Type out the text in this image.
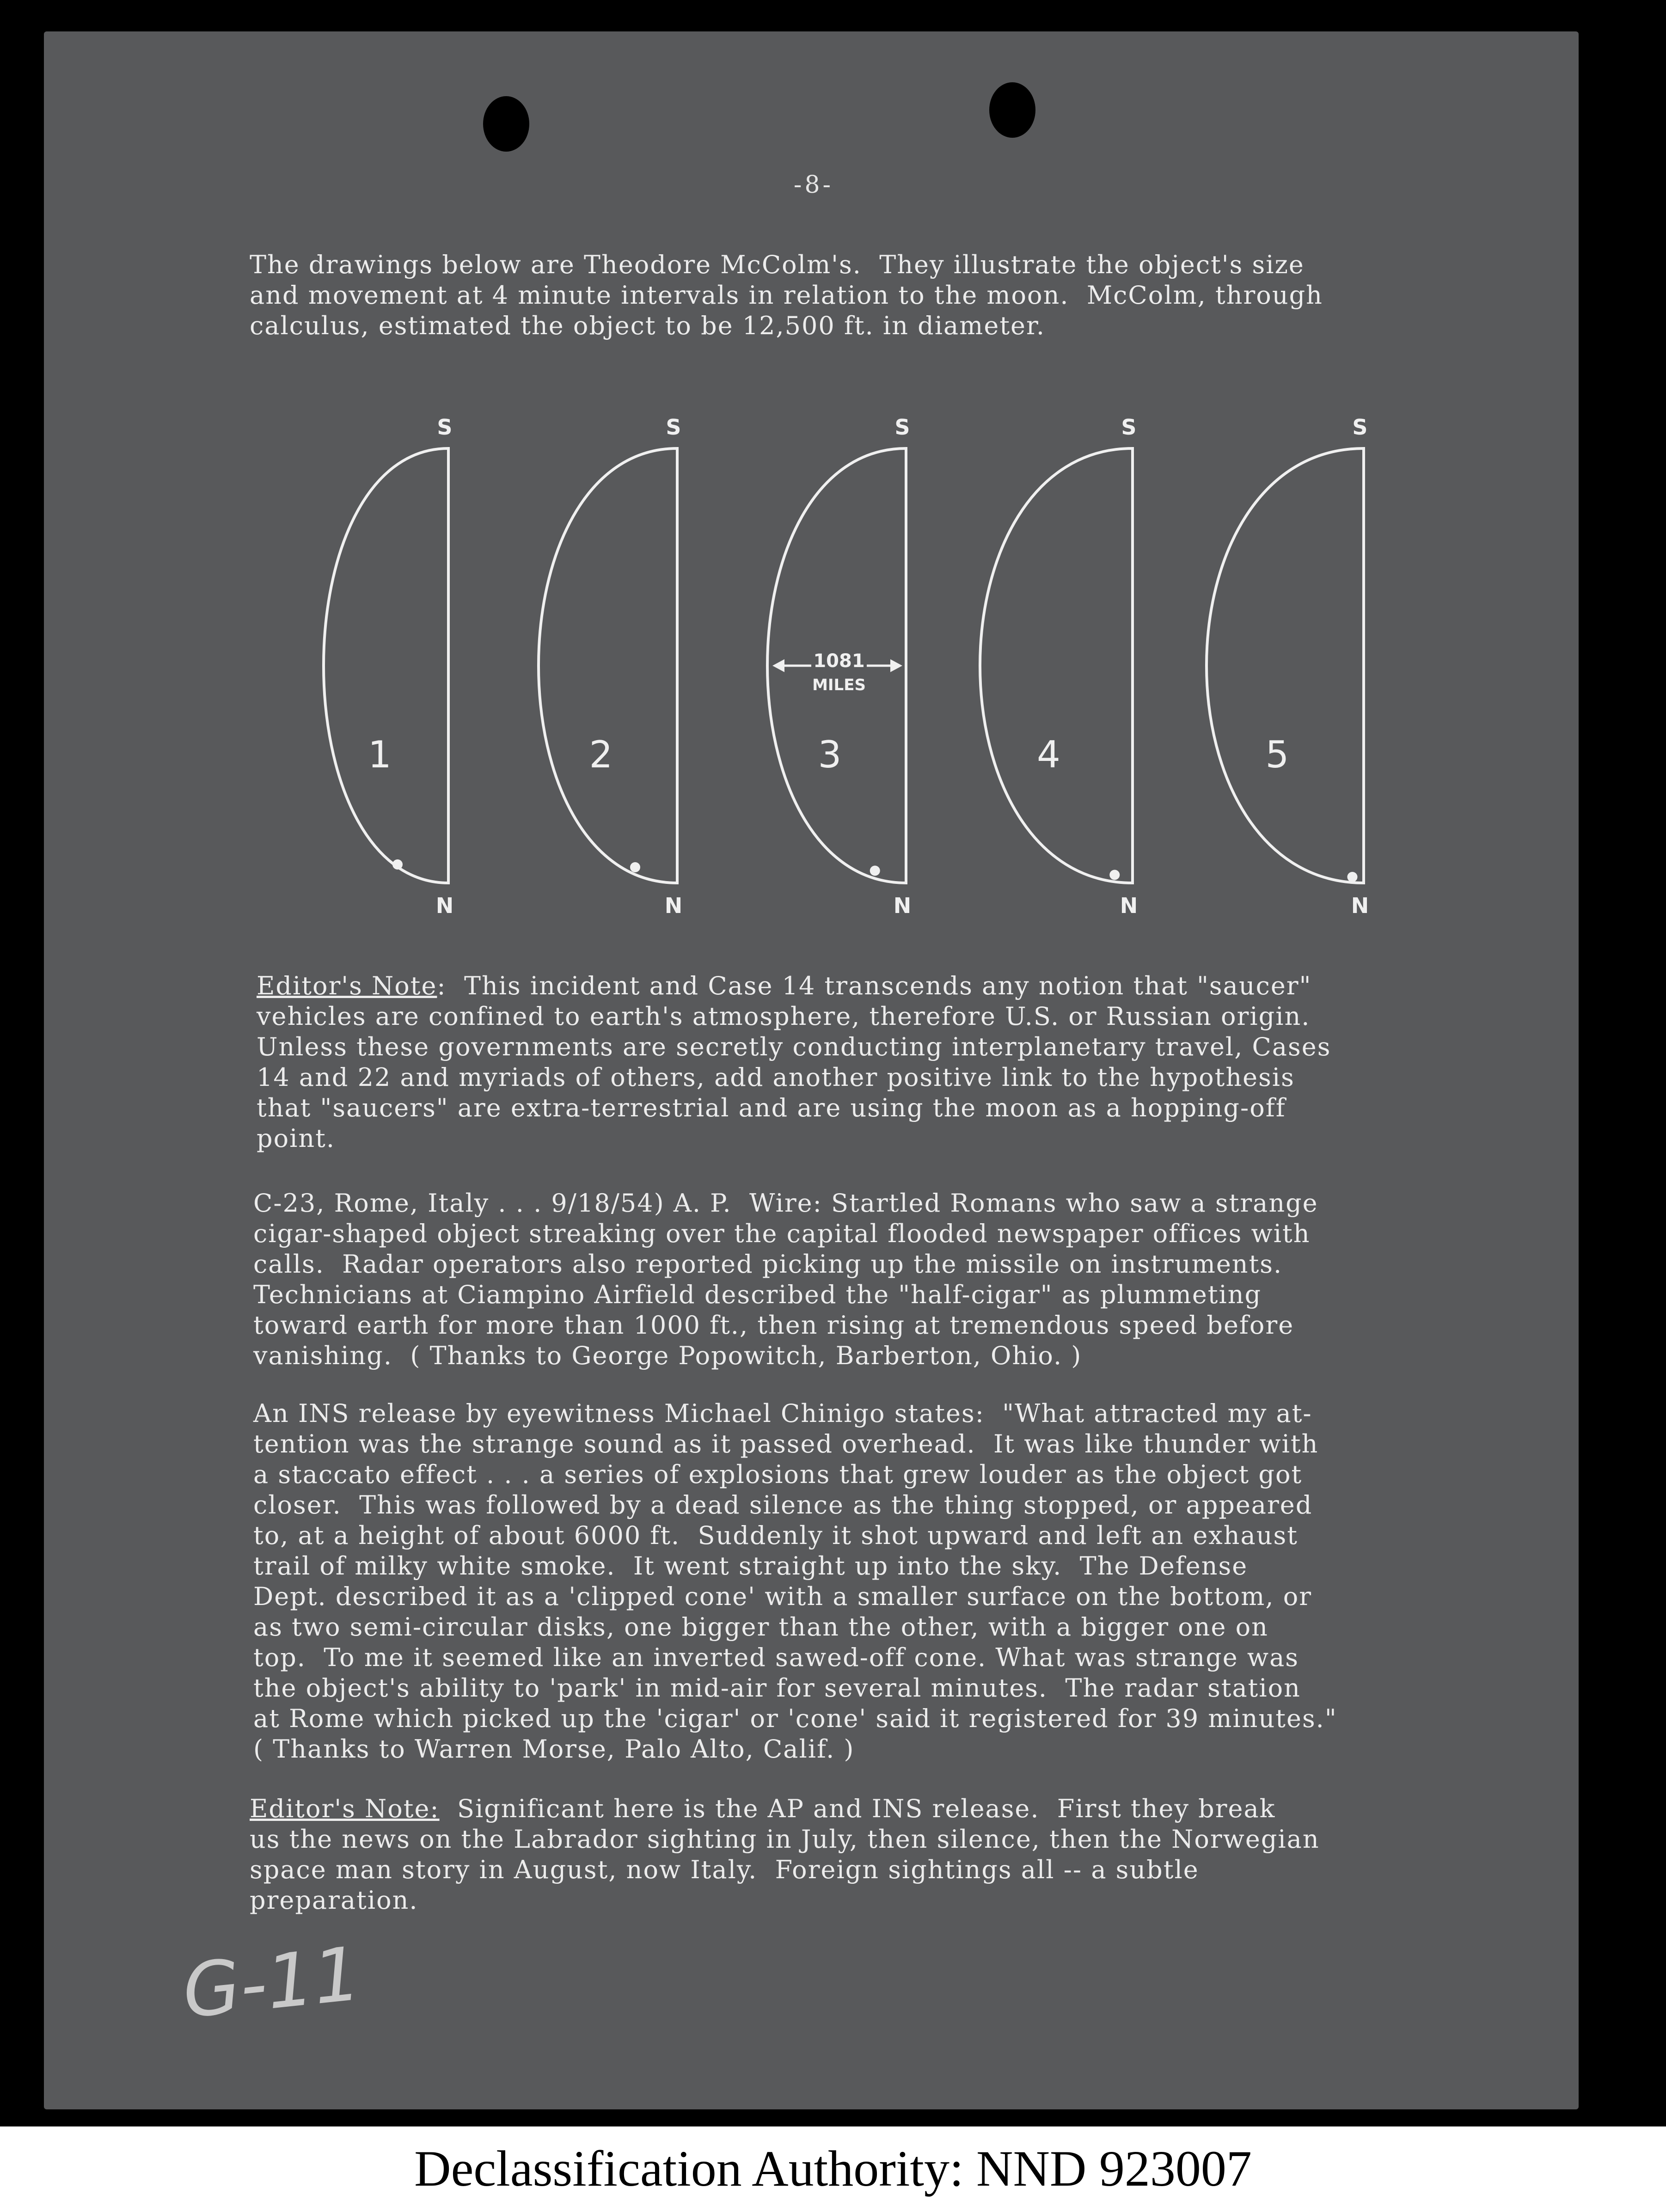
-8-

The drawings below are Theodore McColm's.  They illustrate the object's size
and movement at 4 minute intervals in relation to the moon.  McColm, through
calculus, estimated the object to be 12,500 ft. in diameter.

S
N
1
S
N
2
S
N
3
S
N
4
S
N
5
1081
MILES

Editor's Note:  This incident and Case 14 transcends any notion that "saucer"
vehicles are confined to earth's atmosphere, therefore U.S. or Russian origin.
Unless these governments are secretly conducting interplanetary travel, Cases
14 and 22 and myriads of others, add another positive link to the hypothesis
that "saucers" are extra-terrestrial and are using the moon as a hopping-off
point.

C-23, Rome, Italy . . . 9/18/54) A. P.  Wire: Startled Romans who saw a strange
cigar-shaped object streaking over the capital flooded newspaper offices with
calls.  Radar operators also reported picking up the missile on instruments.
Technicians at Ciampino Airfield described the "half-cigar" as plummeting
toward earth for more than 1000 ft., then rising at tremendous speed before
vanishing.  ( Thanks to George Popowitch, Barberton, Ohio. )

An INS release by eyewitness Michael Chinigo states:  "What attracted my at-
tention was the strange sound as it passed overhead.  It was like thunder with
a staccato effect . . . a series of explosions that grew louder as the object got
closer.  This was followed by a dead silence as the thing stopped, or appeared
to, at a height of about 6000 ft.  Suddenly it shot upward and left an exhaust
trail of milky white smoke.  It went straight up into the sky.  The Defense
Dept. described it as a 'clipped cone' with a smaller surface on the bottom, or
as two semi-circular disks, one bigger than the other, with a bigger one on
top.  To me it seemed like an inverted sawed-off cone. What was strange was
the object's ability to 'park' in mid-air for several minutes.  The radar station
at Rome which picked up the 'cigar' or 'cone' said it registered for 39 minutes."
( Thanks to Warren Morse, Palo Alto, Calif. )

Editor's Note:  Significant here is the AP and INS release.  First they break
us the news on the Labrador sighting in July, then silence, then the Norwegian
space man story in August, now Italy.  Foreign sightings all -- a subtle
preparation.

G-11
Declassification Authority: NND 923007
